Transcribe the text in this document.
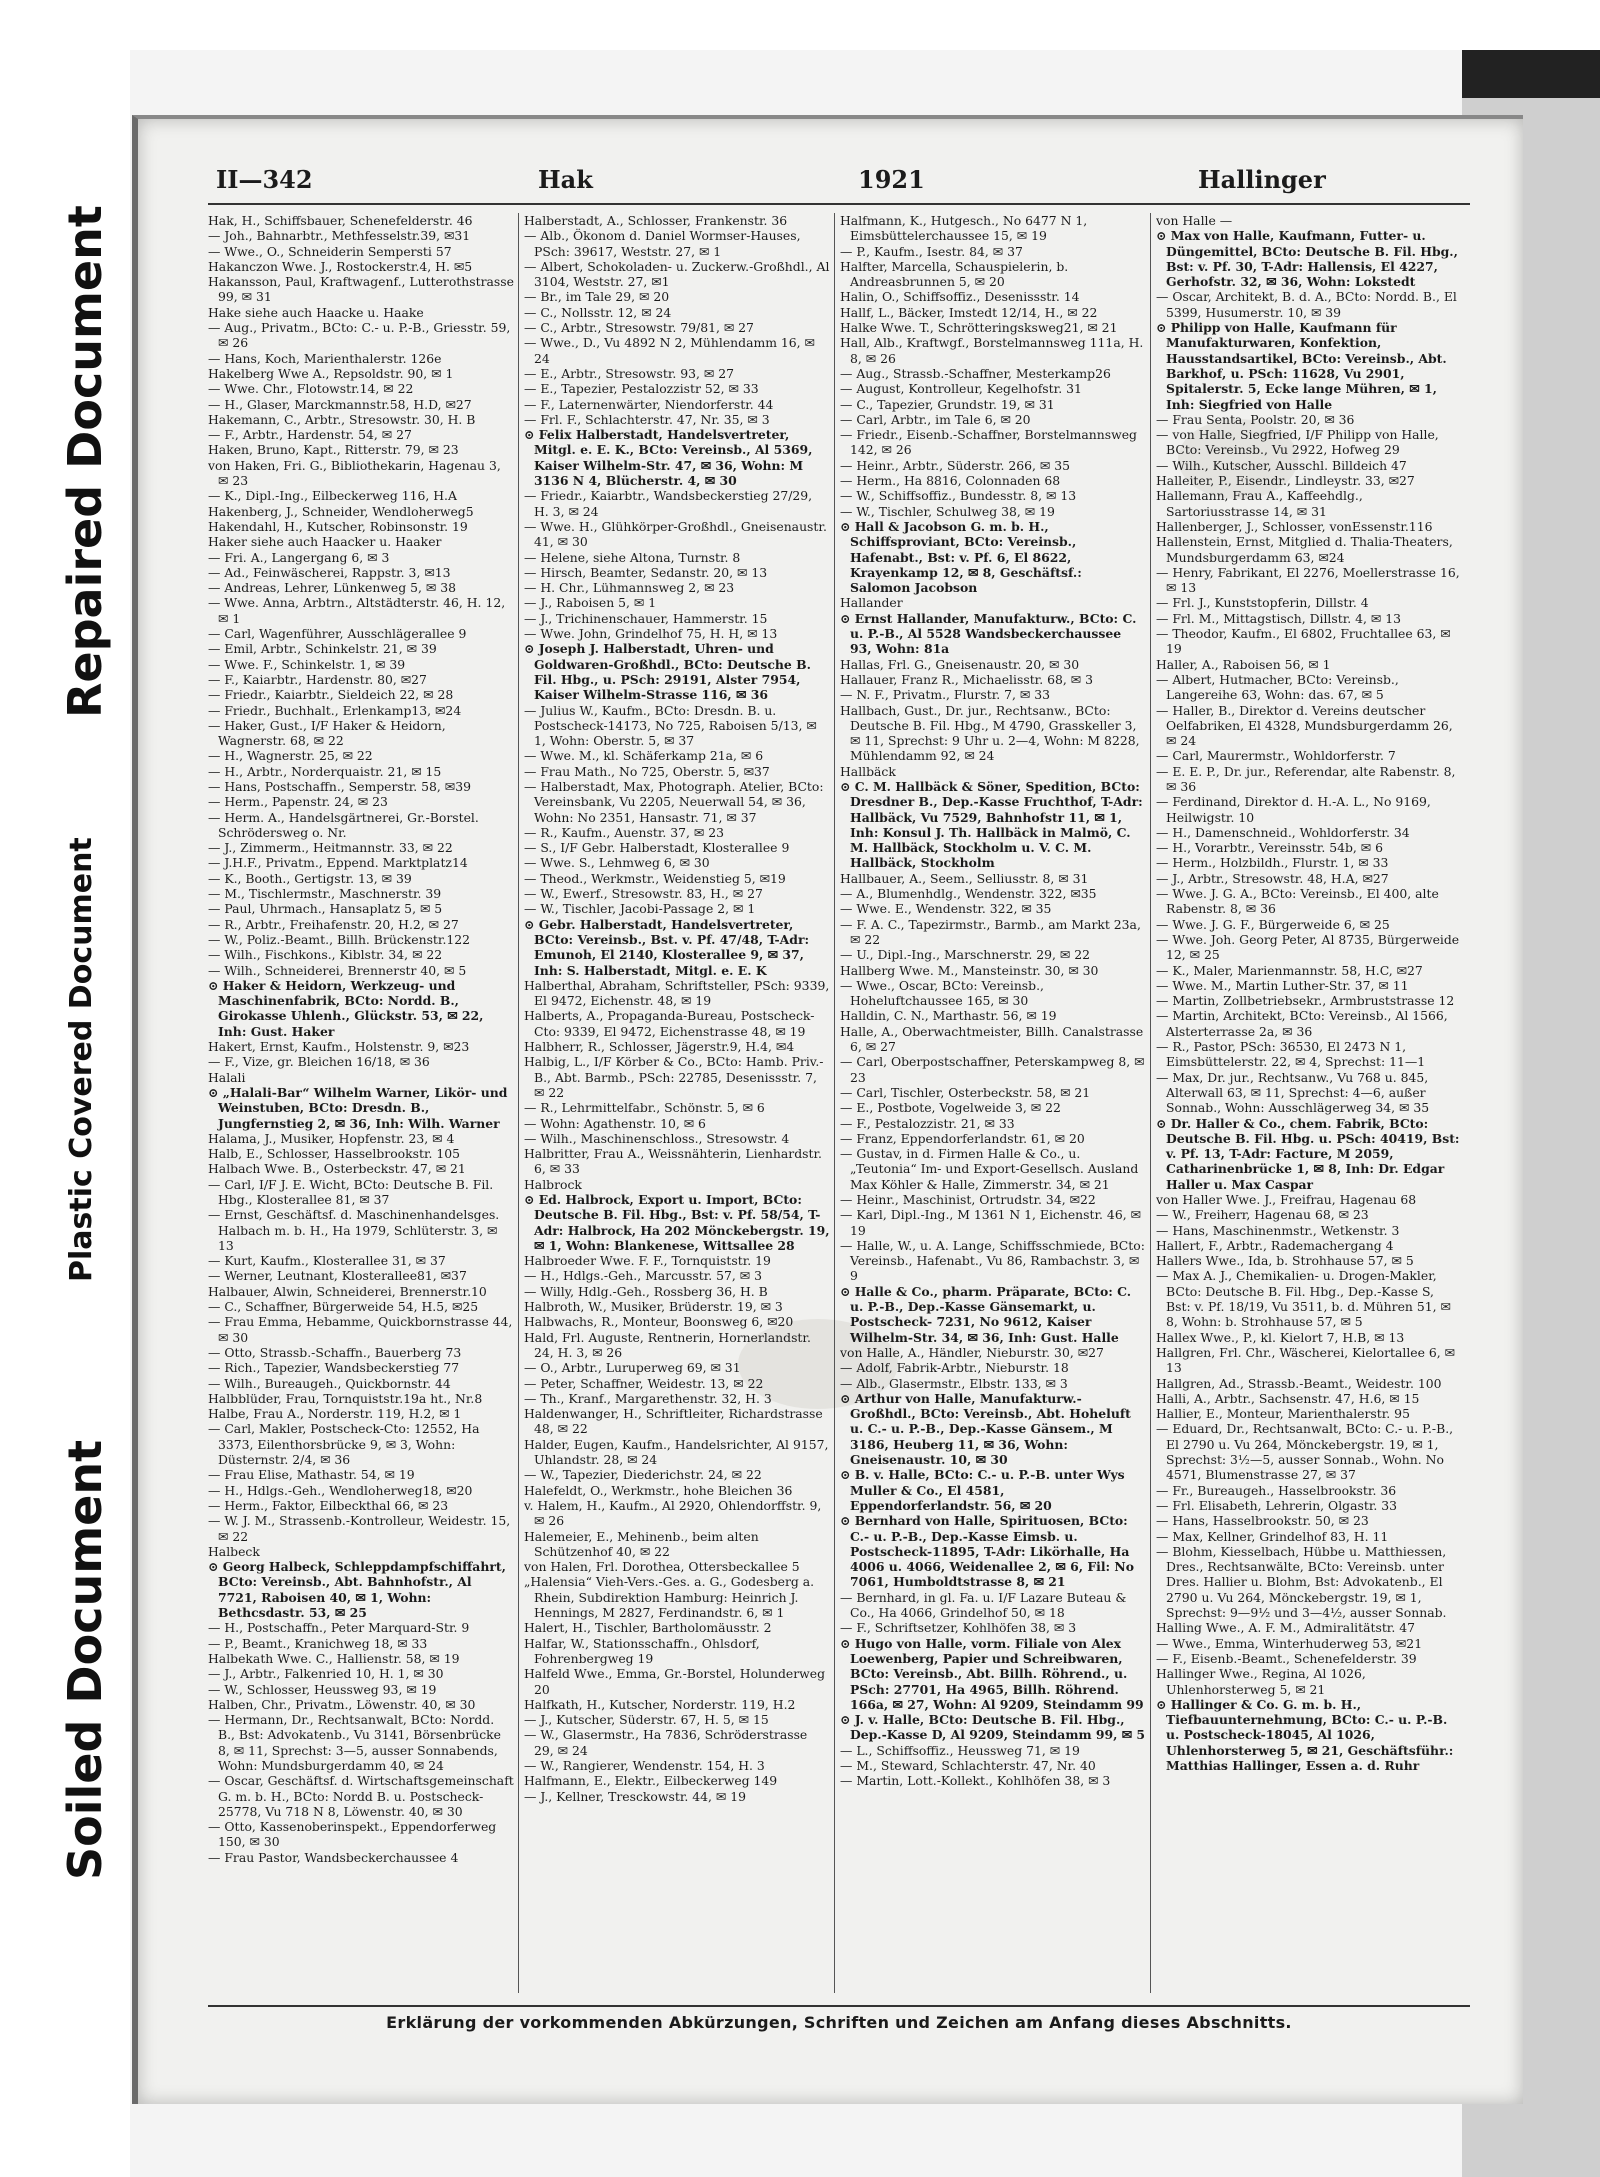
Soiled Document
Plastic Covered Document
Repaired Document
II—342	Hak	1921	Hallinger

Hak, H., Schiffsbauer, Schenefelderstr. 46

— Joh., Bahnarbtr., Methfesselstr.39, ✉31

— Wwe., O., Schneiderin Sempersti 57

Hakanczon Wwe. J., Rostockerstr.4, H. ✉5

Hakansson, Paul, Kraftwagenf., Lutterothstrasse 99, ✉ 31

Hake siehe auch Haacke u. Haake

— Aug., Privatm., BCto: C.- u. P.-B., Griesstr. 59, ✉ 26

— Hans, Koch, Marienthalerstr. 126e

Hakelberg Wwe A., Repsoldstr. 90, ✉ 1

— Wwe. Chr., Flotowstr.14, ✉ 22

— H., Glaser, Marckmannstr.58, H.D, ✉27

Hakemann, C., Arbtr., Stresowstr. 30, H. B

— F., Arbtr., Hardenstr. 54, ✉ 27

Haken, Bruno, Kapt., Ritterstr. 79, ✉ 23

von Haken, Fri. G., Bibliothekarin, Hagenau 3, ✉ 23

— K., Dipl.-Ing., Eilbeckerweg 116, H.A

Hakenberg, J., Schneider, Wendloherweg5

Hakendahl, H., Kutscher, Robinsonstr. 19

Haker siehe auch Haacker u. Haaker

— Fri. A., Langergang 6, ✉ 3

— Ad., Feinwäscherei, Rappstr. 3, ✉13

— Andreas, Lehrer, Lünkenweg 5, ✉ 38

— Wwe. Anna, Arbtrn., Altstädterstr. 46, H. 12, ✉ 1

— Carl, Wagenführer, Ausschlägerallee 9

— Emil, Arbtr., Schinkelstr. 21, ✉ 39

— Wwe. F., Schinkelstr. 1, ✉ 39

— F., Kaiarbtr., Hardenstr. 80, ✉27

— Friedr., Kaiarbtr., Sieldeich 22, ✉ 28

— Friedr., Buchhalt., Erlenkamp13, ✉24

— Haker, Gust., I/F Haker & Heidorn, Wagnerstr. 68, ✉ 22

— H., Wagnerstr. 25, ✉ 22

— H., Arbtr., Norderquaistr. 21, ✉ 15

— Hans, Postschaffn., Semperstr. 58, ✉39

— Herm., Papenstr. 24, ✉ 23

— Herm. A., Handelsgärtnerei, Gr.-Borstel. Schrödersweg o. Nr.

— J., Zimmerm., Heitmannstr. 33, ✉ 22

— J.H.F., Privatm., Eppend. Marktplatz14

— K., Booth., Gertigstr. 13, ✉ 39

— M., Tischlermstr., Maschnerstr. 39

— Paul, Uhrmach., Hansaplatz 5, ✉ 5

— R., Arbtr., Freihafenstr. 20, H.2, ✉ 27

— W., Poliz.-Beamt., Billh. Brückenstr.122

— Wilh., Fischkons., Kiblstr. 34, ✉ 22

— Wilh., Schneiderei, Brennerstr 40, ✉ 5

⊙ Haker & Heidorn, Werkzeug- und Maschinenfabrik, BCto: Nordd. B., Girokasse Uhlenh., Glückstr. 53, ✉ 22, Inh: Gust. Haker

Hakert, Ernst, Kaufm., Holstenstr. 9, ✉23

— F., Vize, gr. Bleichen 16/18, ✉ 36

Halali

⊙ „Halali-Bar“ Wilhelm Warner, Likör- und Weinstuben, BCto: Dresdn. B., Jungfernstieg 2, ✉ 36, Inh: Wilh. Warner

Halama, J., Musiker, Hopfenstr. 23, ✉ 4

Halb, E., Schlosser, Hasselbrookstr. 105

Halbach Wwe. B., Osterbeckstr. 47, ✉ 21

— Carl, I/F J. E. Wicht, BCto: Deutsche B. Fil. Hbg., Klosterallee 81, ✉ 37

— Ernst, Geschäftsf. d. Maschinenhandelsges. Halbach m. b. H., Ha 1979, Schlüterstr. 3, ✉ 13

— Kurt, Kaufm., Klosterallee 31, ✉ 37

— Werner, Leutnant, Klosterallee81, ✉37

Halbauer, Alwin, Schneiderei, Brennerstr.10

— C., Schaffner, Bürgerweide 54, H.5, ✉25

— Frau Emma, Hebamme, Quickbornstrasse 44, ✉ 30

— Otto, Strassb.-Schaffn., Bauerberg 73

— Rich., Tapezier, Wandsbeckerstieg 77

— Wilh., Bureaugeh., Quickbornstr. 44

Halbblüder, Frau, Tornquiststr.19a ht., Nr.8

Halbe, Frau A., Norderstr. 119, H.2, ✉ 1

— Carl, Makler, Postscheck-Cto: 12552, Ha 3373, Eilenthorsbrücke 9, ✉ 3, Wohn: Düsternstr. 2/4, ✉ 36

— Frau Elise, Mathastr. 54, ✉ 19

— H., Hdlgs.-Geh., Wendloherweg18, ✉20

— Herm., Faktor, Eilbeckthal 66, ✉ 23

— W. J. M., Strassenb.-Kontrolleur, Weidestr. 15, ✉ 22

Halbeck

⊙ Georg Halbeck, Schleppdampfschiffahrt, BCto: Vereinsb., Abt. Bahnhofstr., Al 7721, Raboisen 40, ✉ 1, Wohn: Bethcsdastr. 53, ✉ 25

— H., Postschaffn., Peter Marquard-Str. 9

— P., Beamt., Kranichweg 18, ✉ 33

Halbekath Wwe. C., Hallienstr. 58, ✉ 19

— J., Arbtr., Falkenried 10, H. 1, ✉ 30

— W., Schlosser, Heussweg 93, ✉ 19

Halben, Chr., Privatm., Löwenstr. 40, ✉ 30

— Hermann, Dr., Rechtsanwalt, BCto: Nordd. B., Bst: Advokatenb., Vu 3141, Börsenbrücke 8, ✉ 11, Sprechst: 3—5, ausser Sonnabends, Wohn: Mundsburgerdamm 40, ✉ 24

— Oscar, Geschäftsf. d. Wirtschaftsgemeinschaft G. m. b. H., BCto: Nordd B. u. Postscheck- 25778, Vu 718 N 8, Löwenstr. 40, ✉ 30

— Otto, Kassenoberinspekt., Eppendorferweg 150, ✉ 30

— Frau Pastor, Wandsbeckerchaussee 4

Halberstadt, A., Schlosser, Frankenstr. 36

— Alb., Ökonom d. Daniel Wormser-Hauses, PSch: 39617, Weststr. 27, ✉ 1

— Albert, Schokoladen- u. Zuckerw.-Großhdl., Al 3104, Weststr. 27, ✉1

— Br., im Tale 29, ✉ 20

— C., Nollsstr. 12, ✉ 24

— C., Arbtr., Stresowstr. 79/81, ✉ 27

— Wwe., D., Vu 4892 N 2, Mühlendamm 16, ✉ 24

— E., Arbtr., Stresowstr. 93, ✉ 27

— E., Tapezier, Pestalozzistr 52, ✉ 33

— F., Laternenwärter, Niendorferstr. 44

— Frl. F., Schlachterstr. 47, Nr. 35, ✉ 3

⊙ Felix Halberstadt, Handelsvertreter, Mitgl. e. E. K., BCto: Vereinsb., Al 5369, Kaiser Wilhelm-Str. 47, ✉ 36, Wohn: M 3136 N 4, Blücherstr. 4, ✉ 30

— Friedr., Kaiarbtr., Wandsbeckerstieg 27/29, H. 3, ✉ 24

— Wwe. H., Glühkörper-Großhdl., Gneisenaustr. 41, ✉ 30

— Helene, siehe Altona, Turnstr. 8

— Hirsch, Beamter, Sedanstr. 20, ✉ 13

— H. Chr., Lühmannsweg 2, ✉ 23

— J., Raboisen 5, ✉ 1

— J., Trichinenschauer, Hammerstr. 15

— Wwe. John, Grindelhof 75, H. H, ✉ 13

⊙ Joseph J. Halberstadt, Uhren- und Goldwaren-Großhdl., BCto: Deutsche B. Fil. Hbg., u. PSch: 29191, Alster 7954, Kaiser Wilhelm-Strasse 116, ✉ 36

— Julius W., Kaufm., BCto: Dresdn. B. u. Postscheck-14173, No 725, Raboisen 5/13, ✉ 1, Wohn: Oberstr. 5, ✉ 37

— Wwe. M., kl. Schäferkamp 21a, ✉ 6

— Frau Math., No 725, Oberstr. 5, ✉37

— Halberstadt, Max, Photograph. Atelier, BCto: Vereinsbank, Vu 2205, Neuerwall 54, ✉ 36, Wohn: No 2351, Hansastr. 71, ✉ 37

— R., Kaufm., Auenstr. 37, ✉ 23

— S., I/F Gebr. Halberstadt, Klosterallee 9

— Wwe. S., Lehmweg 6, ✉ 30

— Theod., Werkmstr., Weidenstieg 5, ✉19

— W., Ewerf., Stresowstr. 83, H., ✉ 27

— W., Tischler, Jacobi-Passage 2, ✉ 1

⊙ Gebr. Halberstadt, Handelsvertreter, BCto: Vereinsb., Bst. v. Pf. 47/48, T-Adr: Emunoh, El 2140, Klosterallee 9, ✉ 37, Inh: S. Halberstadt, Mitgl. e. E. K

Halberthal, Abraham, Schriftsteller, PSch: 9339, El 9472, Eichenstr. 48, ✉ 19

Halberts, A., Propaganda-Bureau, Postscheck-Cto: 9339, El 9472, Eichenstrasse 48, ✉ 19

Halbherr, R., Schlosser, Jägerstr.9, H.4, ✉4

Halbig, L., I/F Körber & Co., BCto: Hamb. Priv.-B., Abt. Barmb., PSch: 22785, Desenissstr. 7, ✉ 22

— R., Lehrmittelfabr., Schönstr. 5, ✉ 6

— Wohn: Agathenstr. 10, ✉ 6

— Wilh., Maschinenschloss., Stresowstr. 4

Halbritter, Frau A., Weissnähterin, Lienhardstr. 6, ✉ 33

Halbrock

⊙ Ed. Halbrock, Export u. Import, BCto: Deutsche B. Fil. Hbg., Bst: v. Pf. 58/54, T-Adr: Halbrock, Ha 202 Mönckebergstr. 19, ✉ 1, Wohn: Blankenese, Wittsallee 28

Halbroeder Wwe. F. F., Tornquiststr. 19

— H., Hdlgs.-Geh., Marcusstr. 57, ✉ 3

— Willy, Hdlg.-Geh., Rossberg 36, H. B

Halbroth, W., Musiker, Brüderstr. 19, ✉ 3

Halbwachs, R., Monteur, Boonsweg 6, ✉20

Hald, Frl. Auguste, Rentnerin, Hornerlandstr. 24, H. 3, ✉ 26

— O., Arbtr., Luruperweg 69, ✉ 31

— Peter, Schaffner, Weidestr. 13, ✉ 22

— Th., Kranf., Margarethenstr. 32, H. 3

Haldenwanger, H., Schriftleiter, Richardstrasse 48, ✉ 22

Halder, Eugen, Kaufm., Handelsrichter, Al 9157, Uhlandstr. 28, ✉ 24

— W., Tapezier, Diederichstr. 24, ✉ 22

Halefeldt, O., Werkmstr., hohe Bleichen 36

v. Halem, H., Kaufm., Al 2920, Ohlendorffstr. 9, ✉ 26

Halemeier, E., Mehinenb., beim alten Schützenhof 40, ✉ 22

von Halen, Frl. Dorothea, Ottersbeckallee 5

„Halensia“ Vieh-Vers.-Ges. a. G., Godesberg a. Rhein, Subdirektion Hamburg: Heinrich J. Hennings, M 2827, Ferdinandstr. 6, ✉ 1

Halert, H., Tischler, Bartholomäusstr. 2

Halfar, W., Stationsschaffn., Ohlsdorf, Fohrenbergweg 19

Halfeld Wwe., Emma, Gr.-Borstel, Holunderweg 20

Halfkath, H., Kutscher, Norderstr. 119, H.2

— J., Kutscher, Süderstr. 67, H. 5, ✉ 15

— W., Glasermstr., Ha 7836, Schröderstrasse 29, ✉ 24

— W., Rangierer, Wendenstr. 154, H. 3

Halfmann, E., Elektr., Eilbeckerweg 149

— J., Kellner, Tresckowstr. 44, ✉ 19

Halfmann, K., Hutgesch., No 6477 N 1, Eimsbüttelerchaussee 15, ✉ 19

— P., Kaufm., Isestr. 84, ✉ 37

Halfter, Marcella, Schauspielerin, b. Andreasbrunnen 5, ✉ 20

Halin, O., Schiffsoffiz., Desenissstr. 14

Hallf, L., Bäcker, Imstedt 12/14, H., ✉ 22

Halke Wwe. T., Schrötteringsksweg21, ✉ 21

Hall, Alb., Kraftwgf., Borstelmannsweg 111a, H. 8, ✉ 26

— Aug., Strassb.-Schaffner, Mesterkamp26

— August, Kontrolleur, Kegelhofstr. 31

— C., Tapezier, Grundstr. 19, ✉ 31

— Carl, Arbtr., im Tale 6, ✉ 20

— Friedr., Eisenb.-Schaffner, Borstelmannsweg 142, ✉ 26

— Heinr., Arbtr., Süderstr. 266, ✉ 35

— Herm., Ha 8816, Colonnaden 68

— W., Schiffsoffiz., Bundesstr. 8, ✉ 13

— W., Tischler, Schulweg 38, ✉ 19

⊙ Hall & Jacobson G. m. b. H., Schiffsproviant, BCto: Vereinsb., Hafenabt., Bst: v. Pf. 6, El 8622, Krayenkamp 12, ✉ 8, Geschäftsf.: Salomon Jacobson

Hallander

⊙ Ernst Hallander, Manufakturw., BCto: C. u. P.-B., Al 5528 Wandsbeckerchaussee 93, Wohn: 81a

Hallas, Frl. G., Gneisenaustr. 20, ✉ 30

Hallauer, Franz R., Michaelisstr. 68, ✉ 3

— N. F., Privatm., Flurstr. 7, ✉ 33

Hallbach, Gust., Dr. jur., Rechtsanw., BCto: Deutsche B. Fil. Hbg., M 4790, Grasskeller 3, ✉ 11, Sprechst: 9 Uhr u. 2—4, Wohn: M 8228, Mühlendamm 92, ✉ 24

Hallbäck

⊙ C. M. Hallbäck & Söner, Spedition, BCto: Dresdner B., Dep.-Kasse Fruchthof, T-Adr: Hallbäck, Vu 7529, Bahnhofstr 11, ✉ 1, Inh: Konsul J. Th. Hallbäck in Malmö, C. M. Hallbäck, Stockholm u. V. C. M. Hallbäck, Stockholm

Hallbauer, A., Seem., Selliusstr. 8, ✉ 31

— A., Blumenhdlg., Wendenstr. 322, ✉35

— Wwe. E., Wendenstr. 322, ✉ 35

— F. A. C., Tapezirmstr., Barmb., am Markt 23a, ✉ 22

— U., Dipl.-Ing., Marschnerstr. 29, ✉ 22

Hallberg Wwe. M., Mansteinstr. 30, ✉ 30

— Wwe., Oscar, BCto: Vereinsb., Hoheluftchaussee 165, ✉ 30

Halldin, C. N., Marthastr. 56, ✉ 19

Halle, A., Oberwachtmeister, Billh. Canalstrasse 6, ✉ 27

— Carl, Oberpostschaffner, Peterskampweg 8, ✉ 23

— Carl, Tischler, Osterbeckstr. 58, ✉ 21

— E., Postbote, Vogelweide 3, ✉ 22

— F., Pestalozzistr. 21, ✉ 33

— Franz, Eppendorferlandstr. 61, ✉ 20

— Gustav, in d. Firmen Halle & Co., u. „Teutonia“ Im- und Export-Gesellsch. Ausland Max Köhler & Halle, Zimmerstr. 34, ✉ 21

— Heinr., Maschinist, Ortrudstr. 34, ✉22

— Karl, Dipl.-Ing., M 1361 N 1, Eichenstr. 46, ✉ 19

— Halle, W., u. A. Lange, Schiffsschmiede, BCto: Vereinsb., Hafenabt., Vu 86, Rambachstr. 3, ✉ 9

⊙ Halle & Co., pharm. Präparate, BCto: C. u. P.-B., Dep.-Kasse Gänsemarkt, u. Postscheck- 7231, No 9612, Kaiser Wilhelm-Str. 34, ✉ 36, Inh: Gust. Halle

von Halle, A., Händler, Nieburstr. 30, ✉27

— Adolf, Fabrik-Arbtr., Nieburstr. 18

— Alb., Glasermstr., Elbstr. 133, ✉ 3

⊙ Arthur von Halle, Manufakturw.-Großhdl., BCto: Vereinsb., Abt. Hoheluft u. C.- u. P.-B., Dep.-Kasse Gänsem., M 3186, Heuberg 11, ✉ 36, Wohn: Gneisenaustr. 10, ✉ 30

⊙ B. v. Halle, BCto: C.- u. P.-B. unter Wys Muller & Co., El 4581, Eppendorferlandstr. 56, ✉ 20

⊙ Bernhard von Halle, Spirituosen, BCto: C.- u. P.-B., Dep.-Kasse Eimsb. u. Postscheck-11895, T-Adr: Likörhalle, Ha 4006 u. 4066, Weidenallee 2, ✉ 6, Fil: No 7061, Humboldtstrasse 8, ✉ 21

— Bernhard, in gl. Fa. u. I/F Lazare Buteau & Co., Ha 4066, Grindelhof 50, ✉ 18

— F., Schriftsetzer, Kohlhöfen 38, ✉ 3

⊙ Hugo von Halle, vorm. Filiale von Alex Loewenberg, Papier und Schreibwaren, BCto: Vereinsb., Abt. Billh. Röhrend., u. PSch: 27701, Ha 4965, Billh. Röhrend. 166a, ✉ 27, Wohn: Al 9209, Steindamm 99

⊙ J. v. Halle, BCto: Deutsche B. Fil. Hbg., Dep.-Kasse D, Al 9209, Steindamm 99, ✉ 5

— L., Schiffsoffiz., Heussweg 71, ✉ 19

— M., Steward, Schlachterstr. 47, Nr. 40

— Martin, Lott.-Kollekt., Kohlhöfen 38, ✉ 3

von Halle —

⊙ Max von Halle, Kaufmann, Futter- u. Düngemittel, BCto: Deutsche B. Fil. Hbg., Bst: v. Pf. 30, T-Adr: Hallensis, El 4227, Gerhofstr. 32, ✉ 36, Wohn: Lokstedt

— Oscar, Architekt, B. d. A., BCto: Nordd. B., El 5399, Husumerstr. 10, ✉ 39

⊙ Philipp von Halle, Kaufmann für Manufakturwaren, Konfektion, Hausstandsartikel, BCto: Vereinsb., Abt. Barkhof, u. PSch: 11628, Vu 2901, Spitalerstr. 5, Ecke lange Mühren, ✉ 1, Inh: Siegfried von Halle

— Frau Senta, Poolstr. 20, ✉ 36

— von Halle, Siegfried, I/F Philipp von Halle, BCto: Vereinsb., Vu 2922, Hofweg 29

— Wilh., Kutscher, Ausschl. Billdeich 47

Halleiter, P., Eisendr., Lindleystr. 33, ✉27

Hallemann, Frau A., Kaffeehdlg., Sartoriusstrasse 14, ✉ 31

Hallenberger, J., Schlosser, vonEssenstr.116

Hallenstein, Ernst, Mitglied d. Thalia-Theaters, Mundsburgerdamm 63, ✉24

— Henry, Fabrikant, El 2276, Moellerstrasse 16, ✉ 13

— Frl. J., Kunststopferin, Dillstr. 4

— Frl. M., Mittagstisch, Dillstr. 4, ✉ 13

— Theodor, Kaufm., El 6802, Fruchtallee 63, ✉ 19

Haller, A., Raboisen 56, ✉ 1

— Albert, Hutmacher, BCto: Vereinsb., Langereihe 63, Wohn: das. 67, ✉ 5

— Haller, B., Direktor d. Vereins deutscher Oelfabriken, El 4328, Mundsburgerdamm 26, ✉ 24

— Carl, Maurermstr., Wohldorferstr. 7

— E. E. P., Dr. jur., Referendar, alte Rabenstr. 8, ✉ 36

— Ferdinand, Direktor d. H.-A. L., No 9169, Heilwigstr. 10

— H., Damenschneid., Wohldorferstr. 34

— H., Vorarbtr., Vereinsstr. 54b, ✉ 6

— Herm., Holzbildh., Flurstr. 1, ✉ 33

— J., Arbtr., Stresowstr. 48, H.A, ✉27

— Wwe. J. G. A., BCto: Vereinsb., El 400, alte Rabenstr. 8, ✉ 36

— Wwe. J. G. F., Bürgerweide 6, ✉ 25

— Wwe. Joh. Georg Peter, Al 8735, Bürgerweide 12, ✉ 25

— K., Maler, Marienmannstr. 58, H.C, ✉27

— Wwe. M., Martin Luther-Str. 37, ✉ 11

— Martin, Zollbetriebsekr., Armbruststrasse 12

— Martin, Architekt, BCto: Vereinsb., Al 1566, Alsterterrasse 2a, ✉ 36

— R., Pastor, PSch: 36530, El 2473 N 1, Eimsbüttelerstr. 22, ✉ 4, Sprechst: 11—1

— Max, Dr. jur., Rechtsanw., Vu 768 u. 845, Alterwall 63, ✉ 11, Sprechst: 4—6, außer Sonnab., Wohn: Ausschlägerweg 34, ✉ 35

⊙ Dr. Haller & Co., chem. Fabrik, BCto: Deutsche B. Fil. Hbg. u. PSch: 40419, Bst: v. Pf. 13, T-Adr: Facture, M 2059, Catharinenbrücke 1, ✉ 8, Inh: Dr. Edgar Haller u. Max Caspar

von Haller Wwe. J., Freifrau, Hagenau 68

— W., Freiherr, Hagenau 68, ✉ 23

— Hans, Maschinenmstr., Wetkenstr. 3

Hallert, F., Arbtr., Rademachergang 4

Hallers Wwe., Ida, b. Strohhause 57, ✉ 5

— Max A. J., Chemikalien- u. Drogen-Makler, BCto: Deutsche B. Fil. Hbg., Dep.-Kasse S, Bst: v. Pf. 18/19, Vu 3511, b. d. Mühren 51, ✉ 8, Wohn: b. Strohhause 57, ✉ 5

Hallex Wwe., P., kl. Kielort 7, H.B, ✉ 13

Hallgren, Frl. Chr., Wäscherei, Kielortallee 6, ✉ 13

Hallgren, Ad., Strassb.-Beamt., Weidestr. 100

Halli, A., Arbtr., Sachsenstr. 47, H.6, ✉ 15

Hallier, E., Monteur, Marienthalerstr. 95

— Eduard, Dr., Rechtsanwalt, BCto: C.- u. P.-B., El 2790 u. Vu 264, Mönckebergstr. 19, ✉ 1, Sprechst: 3½—5, ausser Sonnab., Wohn. No 4571, Blumenstrasse 27, ✉ 37

— Fr., Bureaugeh., Hasselbrookstr. 36

— Frl. Elisabeth, Lehrerin, Olgastr. 33

— Hans, Hasselbrookstr. 50, ✉ 23

— Max, Kellner, Grindelhof 83, H. 11

— Blohm, Kiesselbach, Hübbe u. Matthiessen, Dres., Rechtsanwälte, BCto: Vereinsb. unter Dres. Hallier u. Blohm, Bst: Advokatenb., El 2790 u. Vu 264, Mönckebergstr. 19, ✉ 1, Sprechst: 9—9½ und 3—4½, ausser Sonnab.

Halling Wwe., A. F. M., Admiralitätstr. 47

— Wwe., Emma, Winterhuderweg 53, ✉21

— F., Eisenb.-Beamt., Schenefelderstr. 39

Hallinger Wwe., Regina, Al 1026, Uhlenhorsterweg 5, ✉ 21

⊙ Hallinger & Co. G. m. b. H., Tiefbauunternehmung, BCto: C.- u. P.-B. u. Postscheck-18045, Al 1026, Uhlenhorsterweg 5, ✉ 21, Geschäftsführ.: Matthias Hallinger, Essen a. d. Ruhr

Erklärung der vorkommenden Abkürzungen, Schriften und Zeichen am Anfang dieses Abschnitts.
